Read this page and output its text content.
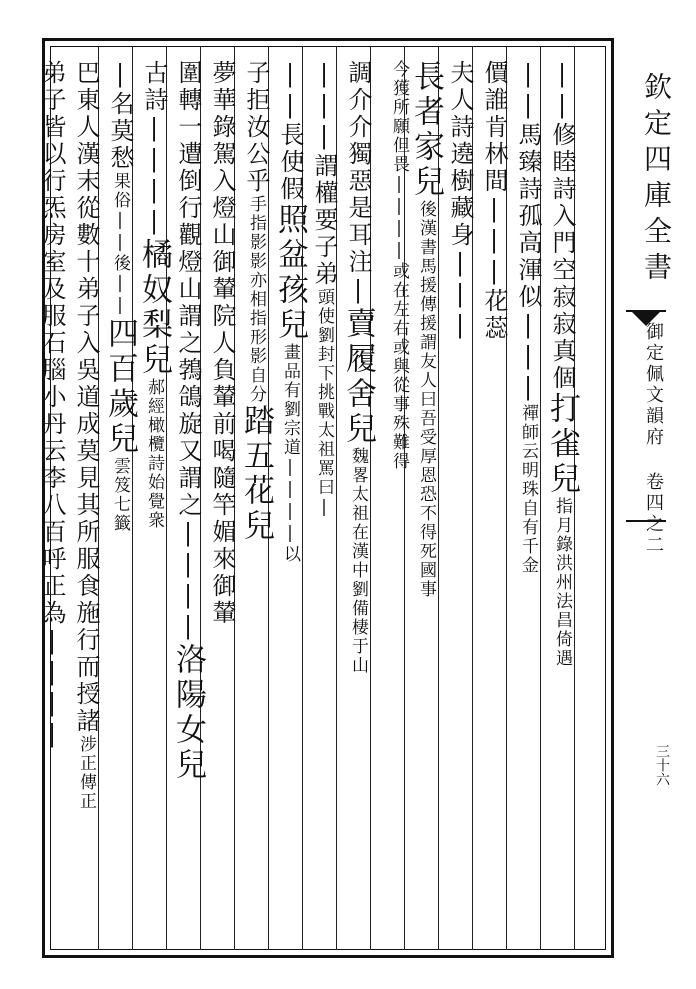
||修睦詩入門空寂寂真個打雀兒指月錄洪州法昌倚遇
||馬臻詩孤高渾似|||禪師云明珠自有千金
價誰肯林間|||花蕊
夫人詩遶樹藏身|||
長者家兒後漢書馬援傳援謂友人曰吾受厚恩恐不得死國事
今獲所願但畏||||或在左右或與從事殊難得
調介介獨惡是耳注|賣履舍兒魏畧太祖在漢中劉備棲于山
|||謂權要子弟頭使劉封下挑戰太祖罵曰|
||長使假照盆孩兒畫品有劉宗道||||以
子拒汝公乎手指影影亦相指形影自分踏五花兒
夢華錄駕入燈山御輦院人負輦前喝隨竿媚來御輦
圍轉一遭倒行觀燈山謂之鵓鴿旋又謂之||||洛陽女兒
古詩||||橘奴梨兒郝經橄欖詩始覺衆
|名莫愁果俗||後||四百歲兒雲笈七籤
巴東人漢末從數十弟子入吳道成莫見其所服食施行而授諸涉正傳正
弟子皆以行炁房室及服石腦小丹云李八百呼正為||||	欽定四庫全書
御定佩文韻府 卷四之二
三十六
